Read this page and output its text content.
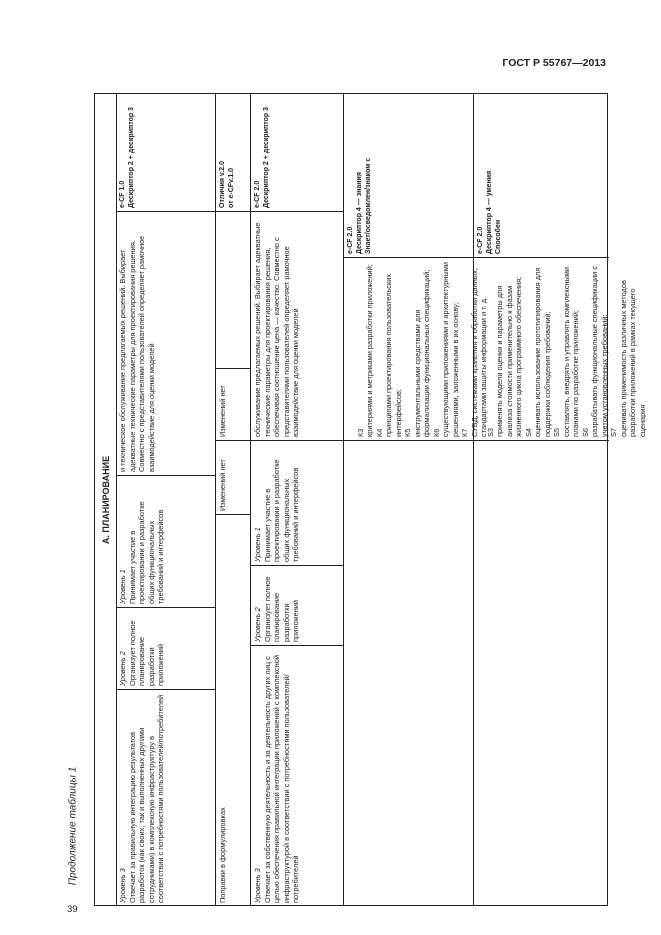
ГОСТ Р 55767—2013
Продолжение таблицы 1
А. ПЛАНИРОВАНИЕ
e-CF 1.0 Дескриптор 2 + дескриптор 3
и техническое обслуживание предлагаемых решений. Выбирает адекватные технические параметры для проектирования решения. Совместно с представителями пользователей определяет рамочное взаимодействие для оценки моделей
Уровень 1 Принимает участие в проектировании и разработке общих функциональных требований и интерфейсов
Уровень 2 Организует полное планирование разработки приложений
Уровень 3 Отвечает за правильную интеграцию результатов разработок (как своих, так и выполненных другими сотрудниками) в комплексную инфраструктуру в соответствии с потребностями пользователей/потребителей
Отличия v.2.0 от e-CFv.1.0
Изменений нет
Изменений нет
Поправки в формулировках
e-CF 2.0 Дескриптор 2 + дескриптор 3
обслуживание предлагаемых решений. Выбирает адекватные технические параметры для проектирования решения, обеспечивая соотношение цена — качество. Совместно с представителями пользователей определяет рамочное взаимодействие для оценки моделей
Уровень 1 Принимает участие в проектировании и разработке общих функциональных требований и интерфейсов
Уровень 2 Организует полное планирование разработки приложений
Уровень 3 Отвечает за собственную деятельность и за деятельность других лиц с целью обеспечения правильной интеграции приложений с комплексной инфраструктурой в соответствии с потребностями пользователей/потребителей
e-CF 2.0 Дескриптор 4 — знания Знает/осведомлен/знаком с

К3
критериями и метриками разработки приложений;
К4
принципами проектирования пользовательских интерфейсов;
К5
инструментальными средствами для формализации функциональных спецификаций;
К6
существующими приложениями и архитектурными решениями, заложенными в их основу;
К7
СУБД, системами хранения и обработки данных, стандартами защиты информации и т. д.

e-CF 2.0 Дескриптор 4 — умения Способен

S3
применять модели оценки и параметры для анализа стоимости применительно к фазам жизненного цикла программного обеспечения;
S4
оценивать использование прототипирования для поддержки соблюдения требований;
S5
составлять, внедрять и управлять комплексными планами по разработке приложений;
S6
разрабатывать функциональные спецификации с учетом установленных требований;
S7
оценивать применимость различных методов разработки приложений в рамках текущего сценария

39
